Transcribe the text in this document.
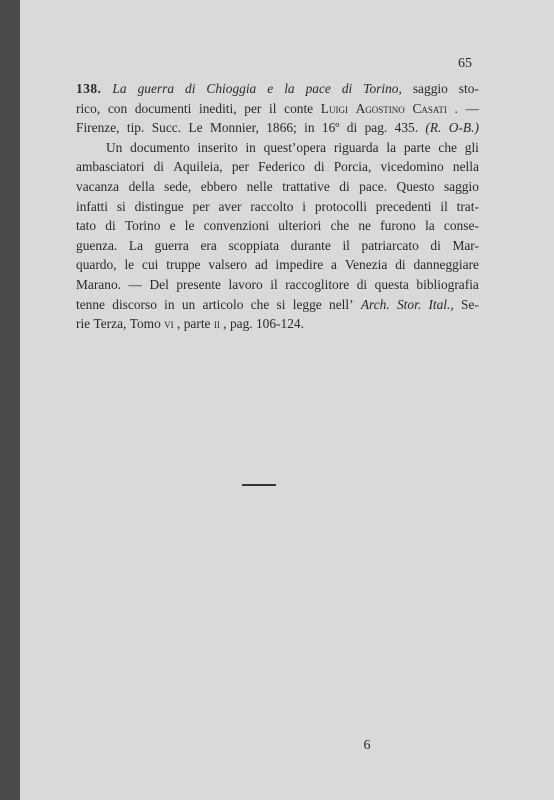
65
138. La guerra di Chioggia e la pace di Torino, saggio sto-
rico, con documenti inediti, per il conte Luigi Agostino Casati . —
Firenze, tip. Succ. Le Monnier, 1866; in 16º di pag. 435. (R. O-B.)
Un documento inserito in quest’opera riguarda la parte che gli
ambasciatori di Aquileia, per Federico di Porcia, vicedomino nella
vacanza della sede, ebbero nelle trattative di pace. Questo saggio
infatti si distingue per aver raccolto i protocolli precedenti il trat-
tato di Torino e le convenzioni ulteriori che ne furono la conse-
guenza. La guerra era scoppiata durante il patriarcato di Mar-
quardo, le cui truppe valsero ad impedire a Venezia di danneggiare
Marano. — Del presente lavoro il raccoglitore di questa bibliografia
tenne discorso in un articolo che si legge nell’ Arch. Stor. Ital., Se-
rie
Terza,
Tomo
vi
,
parte
ii
,
pag.
106-124.

6
